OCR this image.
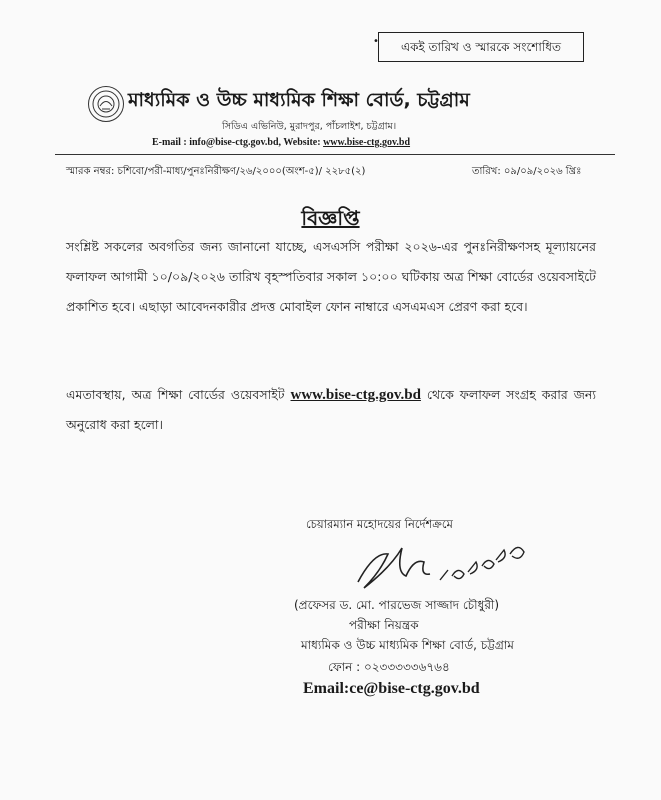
•	একই তারিখ ও স্মারকে সংশোধিত
মাধ্যমিক ও উচ্চ মাধ্যমিক শিক্ষা বোর্ড, চট্টগ্রাম
সিডিএ এভিনিউ, মুরাদপুর, পাঁচলাইশ, চট্টগ্রাম।
E-mail : info@bise-ctg.gov.bd, Website: www.bise-ctg.gov.bd
স্মারক নম্বর: চশিবো/পরী-মাধ্য/পুনঃনিরীক্ষণ/২৬/২০০০(অংশ-৫)/ ২২৮৫(২)	তারিখ: ০৯/০৯/২০২৬ খ্রিঃ
বিজ্ঞপ্তি
সংশ্লিষ্ট সকলের অবগতির জন্য জানানো যাচ্ছে, এসএসসি পরীক্ষা ২০২৬-এর পুনঃনিরীক্ষণসহ মূল্যায়নের ফলাফল আগামী ১০/০৯/২০২৬ তারিখ বৃহস্পতিবার সকাল ১০:০০ ঘটিকায় অত্র শিক্ষা বোর্ডের ওয়েবসাইটে প্রকাশিত হবে। এছাড়া আবেদনকারীর প্রদত্ত মোবাইল ফোন নাম্বারে এসএমএস প্রেরণ করা হবে।
এমতাবস্থায়, অত্র শিক্ষা বোর্ডের ওয়েবসাইট www.bise-ctg.gov.bd থেকে ফলাফল সংগ্রহ করার জন্য অনুরোধ করা হলো।
চেয়ারম্যান মহোদয়ের নির্দেশক্রমে
(প্রফেসর ড. মো. পারভেজ সাজ্জাদ চৌধুরী)
পরীক্ষা নিয়ন্ত্রক
মাধ্যমিক ও উচ্চ মাধ্যমিক শিক্ষা বোর্ড, চট্টগ্রাম
ফোন : ০২৩৩৩৩৩৬৭৬৪
Email:ce@bise-ctg.gov.bd
